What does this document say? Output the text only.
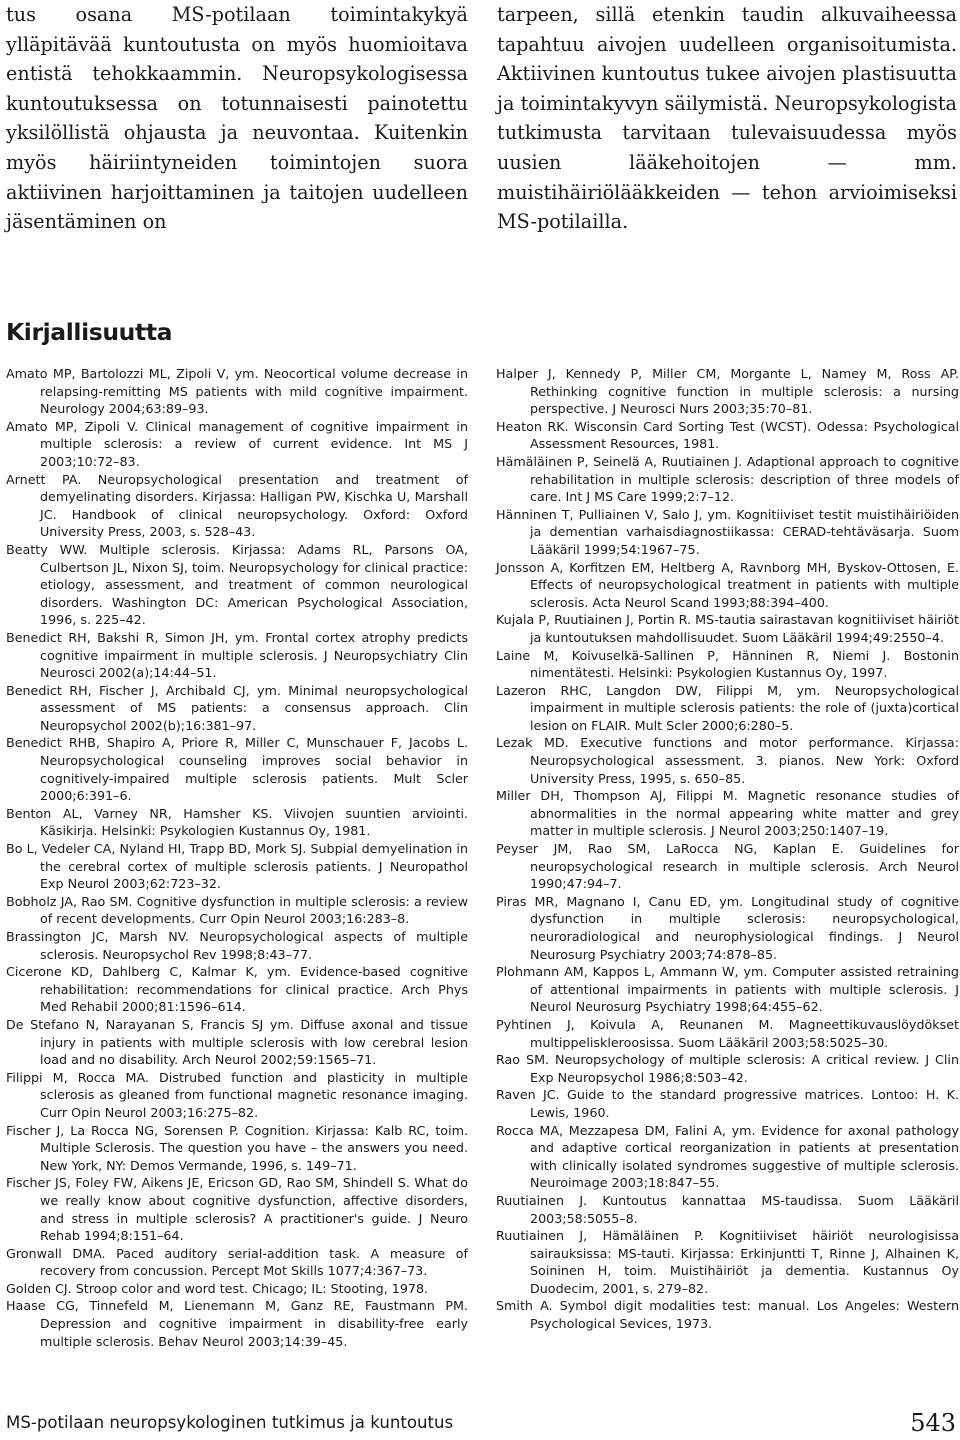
tus osana MS-potilaan toimintakykyä ylläpitävää kuntoutusta on myös huomioitava entistä tehokkaammin. Neuropsykologisessa kuntoutuksessa on totunnaisesti painotettu yksilöllistä ohjausta ja neuvontaa. Kuitenkin myös häiriintyneiden toimintojen suora aktiivinen harjoittaminen ja taitojen uudelleen jäsentäminen on

tarpeen, sillä etenkin taudin alkuvaiheessa tapahtuu aivojen uudelleen organisoitumista. Aktiivinen kuntoutus tukee aivojen plastisuutta ja toimintakyvyn säilymistä. Neuropsykologista tutkimusta tarvitaan tulevaisuudessa myös uusien lääkehoitojen — mm. muistihäiriölääkkeiden — tehon arvioimiseksi MS-potilailla.

Kirjallisuutta

Amato MP, Bartolozzi ML, Zipoli V, ym. Neocortical volume decrease in relapsing-remitting MS patients with mild cognitive impairment. Neurology 2004;63:89–93.

Amato MP, Zipoli V. Clinical management of cognitive impairment in multiple sclerosis: a review of current evidence. Int MS J 2003;10:72–83.

Arnett PA. Neuropsychological presentation and treatment of demyelinating disorders. Kirjassa: Halligan PW, Kischka U, Marshall JC. Handbook of clinical neuropsychology. Oxford: Oxford University Press, 2003, s. 528–43.

Beatty WW. Multiple sclerosis. Kirjassa: Adams RL, Parsons OA, Culbertson JL, Nixon SJ, toim. Neuropsychology for clinical practice: etiology, assessment, and treatment of common neurological disorders. Washington DC: American Psychological Association, 1996, s. 225–42.

Benedict RH, Bakshi R, Simon JH, ym. Frontal cortex atrophy predicts cognitive impairment in multiple sclerosis. J Neuropsychiatry Clin Neurosci 2002(a);14:44–51.

Benedict RH, Fischer J, Archibald CJ, ym. Minimal neuropsychological assessment of MS patients: a consensus approach. Clin Neuropsychol 2002(b);16:381–97.

Benedict RHB, Shapiro A, Priore R, Miller C, Munschauer F, Jacobs L. Neuropsychological counseling improves social behavior in cognitively-impaired multiple sclerosis patients. Mult Scler 2000;6:391–6.

Benton AL, Varney NR, Hamsher KS. Viivojen suuntien arviointi. Käsikirja. Helsinki: Psykologien Kustannus Oy, 1981.

Bo L, Vedeler CA, Nyland HI, Trapp BD, Mork SJ. Subpial demyelination in the cerebral cortex of multiple sclerosis patients. J Neuropathol Exp Neurol 2003;62:723–32.

Bobholz JA, Rao SM. Cognitive dysfunction in multiple sclerosis: a review of recent developments. Curr Opin Neurol 2003;16:283–8.

Brassington JC, Marsh NV. Neuropsychological aspects of multiple sclerosis. Neuropsychol Rev 1998;8:43–77.

Cicerone KD, Dahlberg C, Kalmar K, ym. Evidence-based cognitive rehabilitation: recommendations for clinical practice. Arch Phys Med Rehabil 2000;81:1596–614.

De Stefano N, Narayanan S, Francis SJ ym. Diffuse axonal and tissue injury in patients with multiple sclerosis with low cerebral lesion load and no disability. Arch Neurol 2002;59:1565–71.

Filippi M, Rocca MA. Distrubed function and plasticity in multiple sclerosis as gleaned from functional magnetic resonance imaging. Curr Opin Neurol 2003;16:275–82.

Fischer J, La Rocca NG, Sorensen P. Cognition. Kirjassa: Kalb RC, toim. Multiple Sclerosis. The question you have – the answers you need. New York, NY: Demos Vermande, 1996, s. 149–71.

Fischer JS, Foley FW, Aikens JE, Ericson GD, Rao SM, Shindell S. What do we really know about cognitive dysfunction, affective disorders, and stress in multiple sclerosis? A practitioner's guide. J Neuro Rehab 1994;8:151–64.

Gronwall DMA. Paced auditory serial-addition task. A measure of recovery from concussion. Percept Mot Skills 1077;4:367–73.

Golden CJ. Stroop color and word test. Chicago; IL: Stooting, 1978.

Haase CG, Tinnefeld M, Lienemann M, Ganz RE, Faustmann PM. Depression and cognitive impairment in disability-free early multiple sclerosis. Behav Neurol 2003;14:39–45.

Halper J, Kennedy P, Miller CM, Morgante L, Namey M, Ross AP. Rethinking cognitive function in multiple sclerosis: a nursing perspective. J Neurosci Nurs 2003;35:70–81.

Heaton RK. Wisconsin Card Sorting Test (WCST). Odessa: Psychological Assessment Resources, 1981.

Hämäläinen P, Seinelä A, Ruutiainen J. Adaptional approach to cognitive rehabilitation in multiple sclerosis: description of three models of care. Int J MS Care 1999;2:7–12.

Hänninen T, Pulliainen V, Salo J, ym. Kognitiiviset testit muistihäiriöiden ja dementian varhaisdiagnostiikassa: CERAD-tehtäväsarja. Suom Lääkäril 1999;54:1967–75.

Jonsson A, Korfitzen EM, Heltberg A, Ravnborg MH, Byskov-Ottosen, E. Effects of neuropsychological treatment in patients with multiple sclerosis. Acta Neurol Scand 1993;88:394–400.

Kujala P, Ruutiainen J, Portin R. MS-tautia sairastavan kognitiiviset häiriöt ja kuntoutuksen mahdollisuudet. Suom Lääkäril 1994;49:2550–4.

Laine M, Koivuselkä-Sallinen P, Hänninen R, Niemi J. Bostonin nimentätesti. Helsinki: Psykologien Kustannus Oy, 1997.

Lazeron RHC, Langdon DW, Filippi M, ym. Neuropsychological impairment in multiple sclerosis patients: the role of (juxta)cortical lesion on FLAIR. Mult Scler 2000;6:280–5.

Lezak MD. Executive functions and motor performance. Kirjassa: Neuropsychological assessment. 3. pianos. New York: Oxford University Press, 1995, s. 650–85.

Miller DH, Thompson AJ, Filippi M. Magnetic resonance studies of abnormalities in the normal appearing white matter and grey matter in multiple sclerosis. J Neurol 2003;250:1407–19.

Peyser JM, Rao SM, LaRocca NG, Kaplan E. Guidelines for neuropsychological research in multiple sclerosis. Arch Neurol 1990;47:94–7.

Piras MR, Magnano I, Canu ED, ym. Longitudinal study of cognitive dysfunction in multiple sclerosis: neuropsychological, neuroradiological and neurophysiological findings. J Neurol Neurosurg Psychiatry 2003;74:878–85.

Plohmann AM, Kappos L, Ammann W, ym. Computer assisted retraining of attentional impairments in patients with multiple sclerosis. J Neurol Neurosurg Psychiatry 1998;64:455–62.

Pyhtinen J, Koivula A, Reunanen M. Magneettikuvauslöydökset multippeliskleroosissa. Suom Lääkäril 2003;58:5025–30.

Rao SM. Neuropsychology of multiple sclerosis: A critical review. J Clin Exp Neuropsychol 1986;8:503–42.

Raven JC. Guide to the standard progressive matrices. Lontoo: H. K. Lewis, 1960.

Rocca MA, Mezzapesa DM, Falini A, ym. Evidence for axonal pathology and adaptive cortical reorganization in patients at presentation with clinically isolated syndromes suggestive of multiple sclerosis. Neuroimage 2003;18:847–55.

Ruutiainen J. Kuntoutus kannattaa MS-taudissa. Suom Lääkäril 2003;58:5055–8.

Ruutiainen J, Hämäläinen P. Kognitiiviset häiriöt neurologisissa sairauksissa: MS-tauti. Kirjassa: Erkinjuntti T, Rinne J, Alhainen K, Soininen H, toim. Muistihäiriöt ja dementia. Kustannus Oy Duodecim, 2001, s. 279–82.

Smith A. Symbol digit modalities test: manual. Los Angeles: Western Psychological Sevices, 1973.

MS-potilaan neuropsykologinen tutkimus ja kuntoutus	543
